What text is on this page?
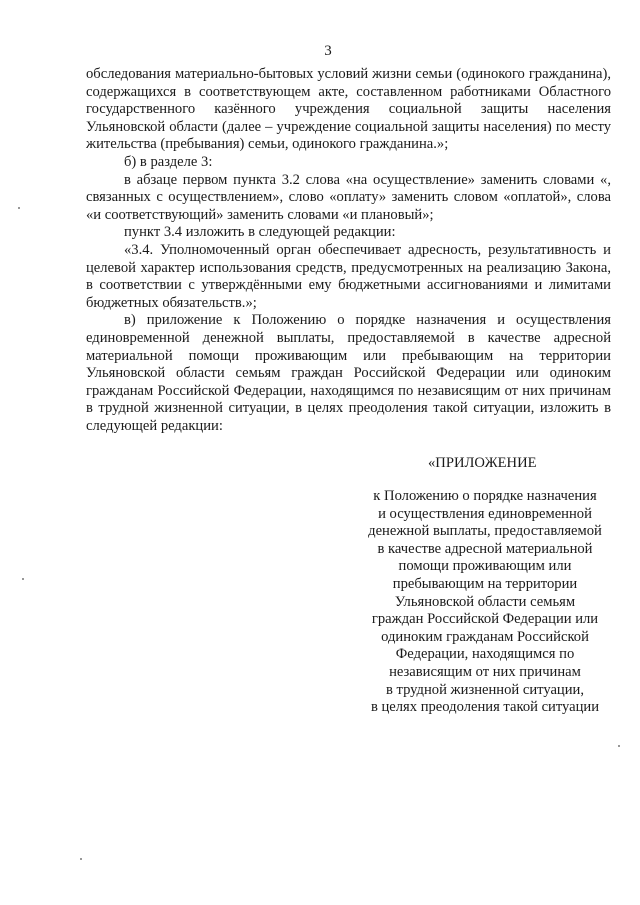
3

обследования материально-бытовых условий жизни семьи (одинокого гражданина), содержащихся в соответствующем акте, составленном работниками Областного государственного казённого учреждения социальной защиты населения Ульяновской области (далее – учреждение социальной защиты населения) по месту жительства (пребывания) семьи, одинокого гражданина.»;

б) в разделе 3:

в абзаце первом пункта 3.2 слова «на осуществление» заменить словами «, связанных с осуществлением», слово «оплату» заменить словом «оплатой», слова «и соответствующий» заменить словами «и плановый»;

пункт 3.4 изложить в следующей редакции:

«3.4. Уполномоченный орган обеспечивает адресность, результативность и целевой характер использования средств, предусмотренных на реализацию Закона, в соответствии с утверждёнными ему бюджетными ассигнованиями и лимитами бюджетных обязательств.»;

в) приложение к Положению о порядке назначения и осуществления единовременной денежной выплаты, предоставляемой в качестве адресной материальной помощи проживающим или пребывающим на территории Ульяновской области семьям граждан Российской Федерации или одиноким гражданам Российской Федерации, находящимся по независящим от них причинам в трудной жизненной ситуации, в целях преодоления такой ситуации, изложить в следующей редакции:

«ПРИЛОЖЕНИЕ
к Положению о порядке назначения
и осуществления единовременной
денежной выплаты, предоставляемой
в качестве адресной материальной
помощи проживающим или
пребывающим на территории
Ульяновской области семьям
граждан Российской Федерации или
одиноким гражданам Российской
Федерации, находящимся по
независящим от них причинам
в трудной жизненной ситуации,
в целях преодоления такой ситуации
